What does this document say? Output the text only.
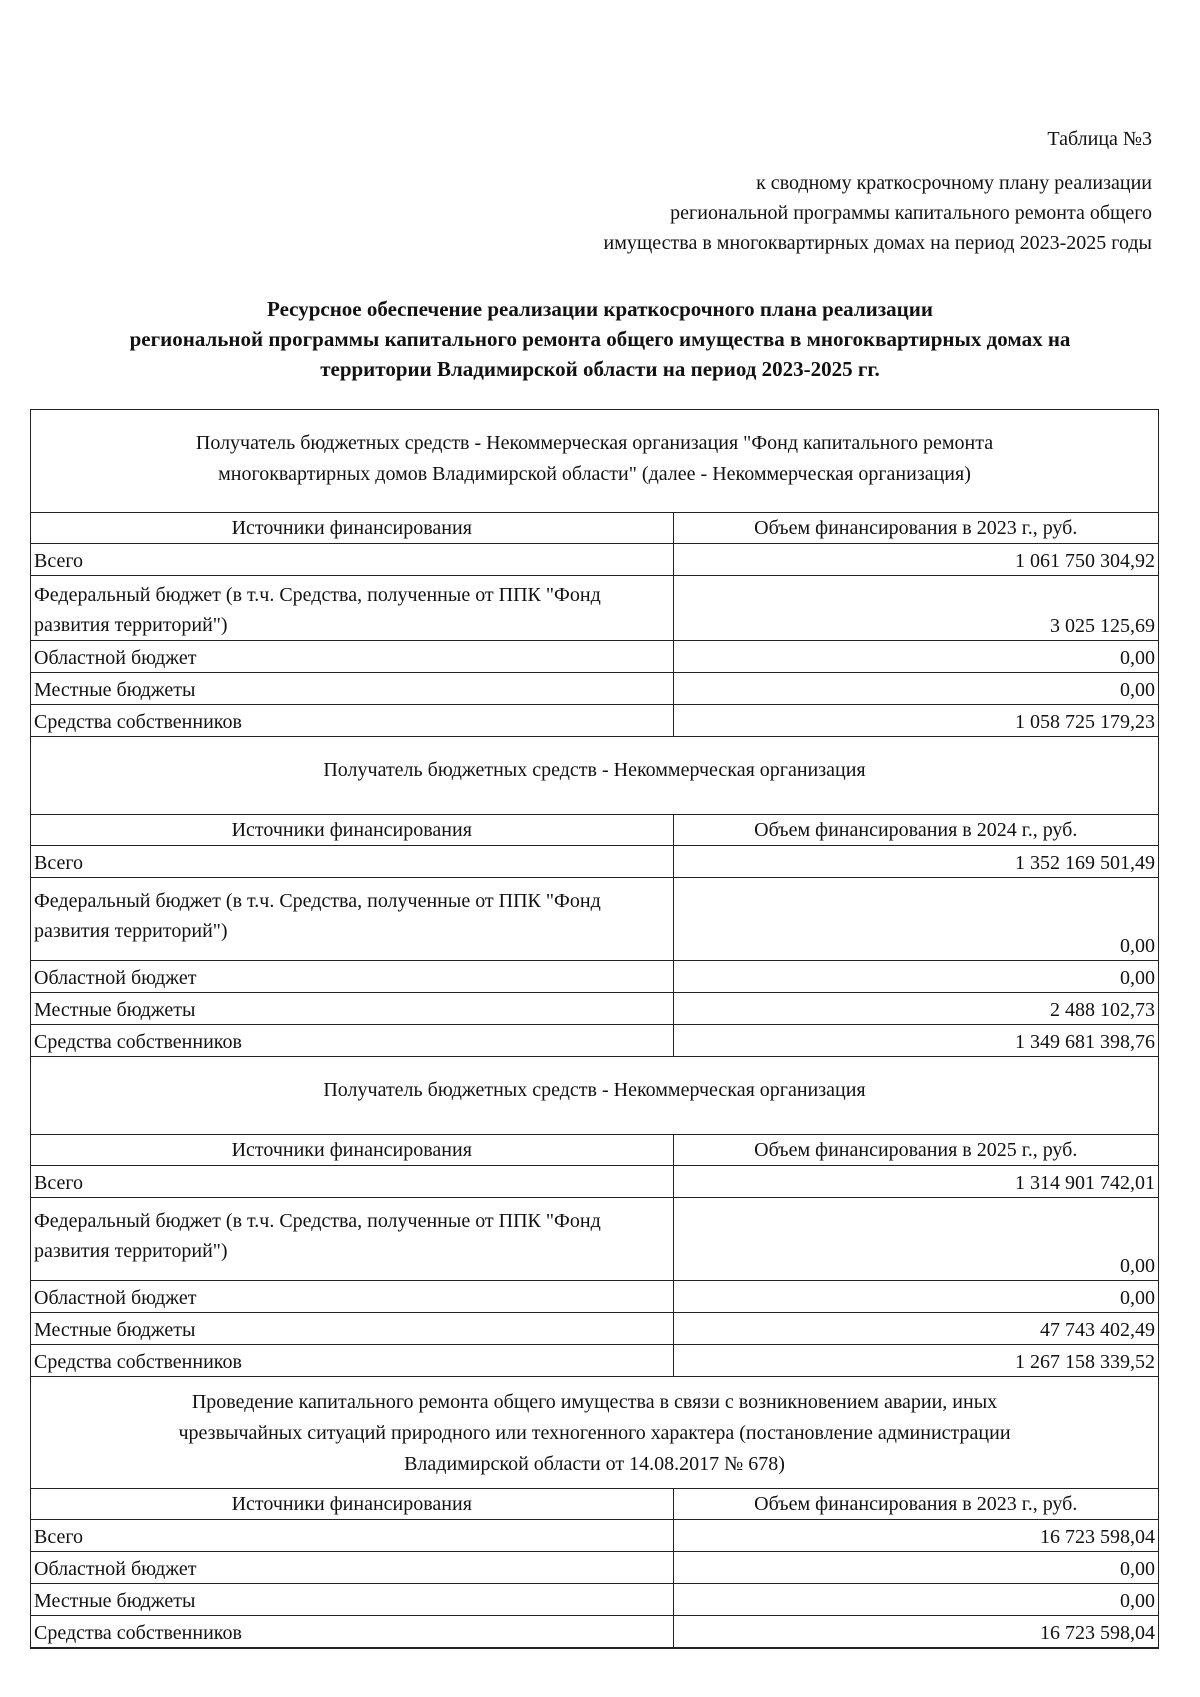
Таблица №3
к сводному краткосрочному плану реализации
региональной программы капитального ремонта общего
имущества в многоквартирных домах на период 2023-2025 годы
Ресурсное обеспечение реализации краткосрочного плана реализации
региональной программы капитального ремонта общего имущества в многоквартирных домах на
территории Владимирской области на период 2023-2025 гг.
Получатель бюджетных средств - Некоммерческая организация "Фонд капитального ремонта
многоквартирных домов Владимирской области" (далее - Некоммерческая организация)
Источники финансирования	Объем финансирования в 2023 г., руб.
Всего	1 061 750 304,92
Федеральный бюджет (в т.ч. Средства, полученные от ППК "Фонд развития территорий")	3 025 125,69
Областной бюджет	0,00
Местные бюджеты	0,00
Средства собственников	1 058 725 179,23
Получатель бюджетных средств - Некоммерческая организация
Источники финансирования	Объем финансирования в 2024 г., руб.
Всего	1 352 169 501,49
Федеральный бюджет (в т.ч. Средства, полученные от ППК "Фонд развития территорий")	0,00
Областной бюджет	0,00
Местные бюджеты	2 488 102,73
Средства собственников	1 349 681 398,76
Получатель бюджетных средств - Некоммерческая организация
Источники финансирования	Объем финансирования в 2025 г., руб.
Всего	1 314 901 742,01
Федеральный бюджет (в т.ч. Средства, полученные от ППК "Фонд развития территорий")	0,00
Областной бюджет	0,00
Местные бюджеты	47 743 402,49
Средства собственников	1 267 158 339,52
Проведение капитального ремонта общего имущества в связи с возникновением аварии, иных
чрезвычайных ситуаций природного или техногенного характера (постановление администрации
Владимирской области от 14.08.2017 № 678)
Источники финансирования	Объем финансирования в 2023 г., руб.
Всего	16 723 598,04
Областной бюджет	0,00
Местные бюджеты	0,00
Средства собственников	16 723 598,04
